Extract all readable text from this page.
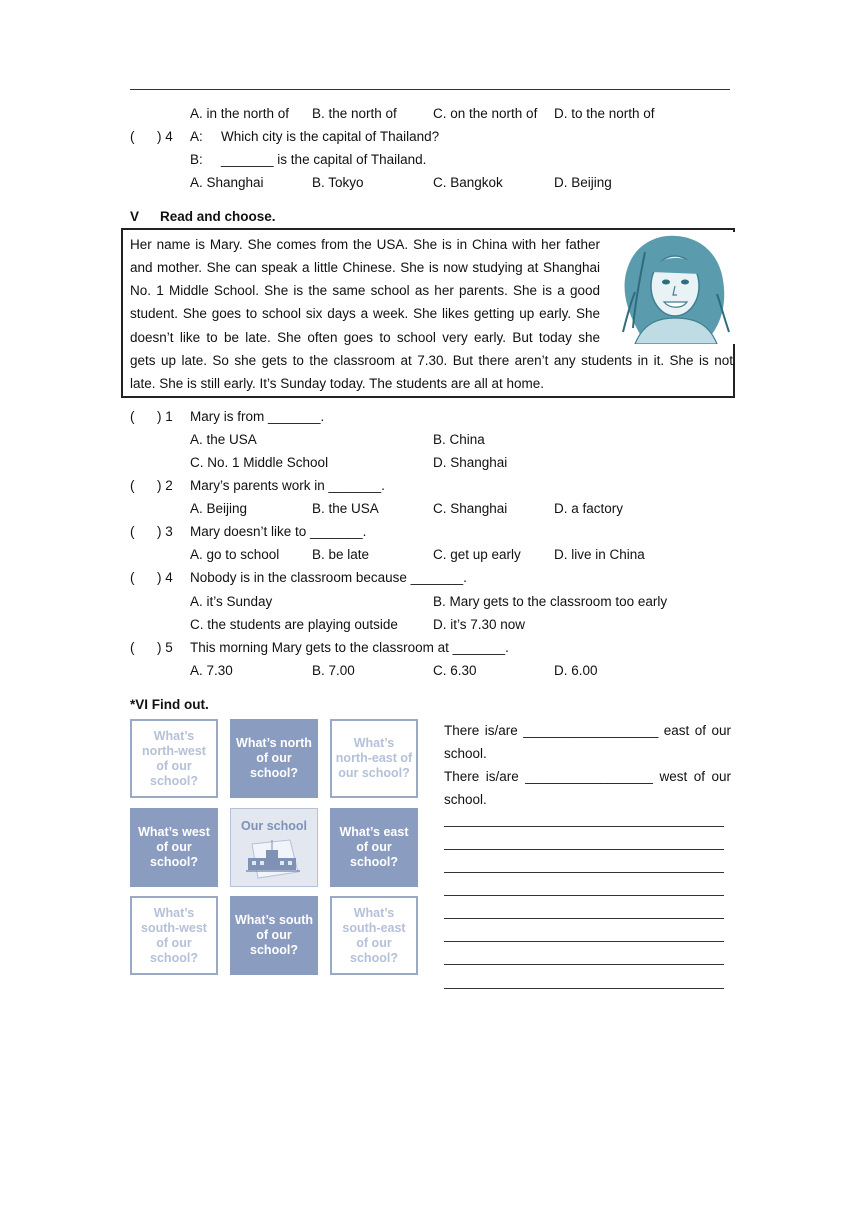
A. in the north of B. the north of	C. on the north of D. to the north of
( ) 4 A: Which city is the capital of Thailand?
B: _______ is the capital of Thailand.
A. Shanghai	B. Tokyo	C. Bangkok	D. Beijing
V Read and choose.
Her name is Mary. She comes from the USA. She is in China with her father
and mother. She can speak a little Chinese. She is now studying at Shanghai
No. 1 Middle School. She is the same school as her parents. She is a good
student. She goes to school six days a week. She likes getting up early. She
doesn’t like to be late. She often goes to school very early. But today she
gets up late. So she gets to the classroom at 7.30. But there aren’t any students in it. She is not
late. She is still early. It’s Sunday today. The students are all at home.
( ) 1 Mary is from _______.
A. the USA	B. China
C. No. 1 Middle School	D. Shanghai
( ) 2 Mary’s parents work in _______.
A. Beijing	B. the USA	C. Shanghai	D. a factory
( ) 3 Mary doesn’t like to _______.
A. go to school B. be late	C. get up early D. live in China
( ) 4 Nobody is in the classroom because _______.
A. it’s Sunday	B. Mary gets to the classroom too early
C. the students are playing outside	D. it’s 7.30 now
( ) 5 This morning Mary gets to the classroom at _______.
A. 7.30	B. 7.00	C. 6.30	D. 6.00
*VI Find out.
What’s
north-west
of our
school?
What’s north
of our
school?
What’s
north-east of
our school?
What’s west
of our
school?
Our school	What’s east
of our
school?
What’s
south-west
of our
school?
What’s south
of our
school?
What’s
south-east
of our
school?
There is/are __________________ east of our
school.
There is/are _________________ west of our
school.
